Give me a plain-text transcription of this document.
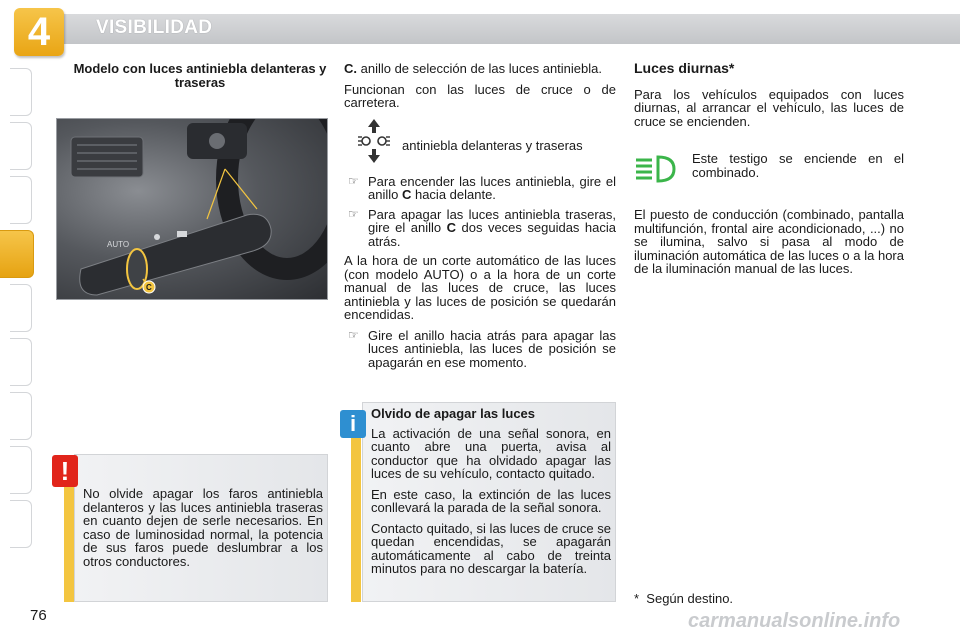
4	VISIBILIDAD
Modelo con luces antiniebla delanteras y traseras
AUTO
C

No olvide apagar los faros antiniebla delanteros y las luces antiniebla traseras en cuanto dejen de serle necesarios. En caso de luminosidad normal, la potencia de sus faros puede deslumbrar a los otros conductores.

!
76

C. anillo de selección de las luces antiniebla.

Funcionan con las luces de cruce o de carretera.

antiniebla delanteras y traseras
☞ Para encender las luces antiniebla, gire el anillo C hacia delante.
☞ Para apagar las luces antiniebla traseras, gire el anillo C dos veces seguidas hacia atrás.

A la hora de un corte automático de las luces (con modelo AUTO) o a la hora de un corte manual de las luces de cruce, las luces antiniebla y las luces de posición se quedarán encendidas.

☞ Gire el anillo hacia atrás para apagar las luces antiniebla, las luces de posición se apagarán en ese momento.

Olvido de apagar las luces

La activación de una señal sonora, en cuanto abre una puerta, avisa al conductor que ha olvidado apagar las luces de su vehículo, contacto quitado.

En este caso, la extinción de las luces conllevará la parada de la señal sonora.

Contacto quitado, si las luces de cruce se quedan encendidas, se apagarán automáticamente al cabo de treinta minutos para no descargar la batería.

i

Luces diurnas*

Para los vehículos equipados con luces diurnas, al arrancar el vehículo, las luces de cruce se encienden.

Este testigo se enciende en el combinado.

El puesto de conducción (combinado, pantalla multifunción, frontal aire acondicionado, ...) no se ilumina, salvo si pasa al modo de iluminación automática de las luces o a la hora de la iluminación manual de las luces.

* Según destino.
carmanualsonline.info
